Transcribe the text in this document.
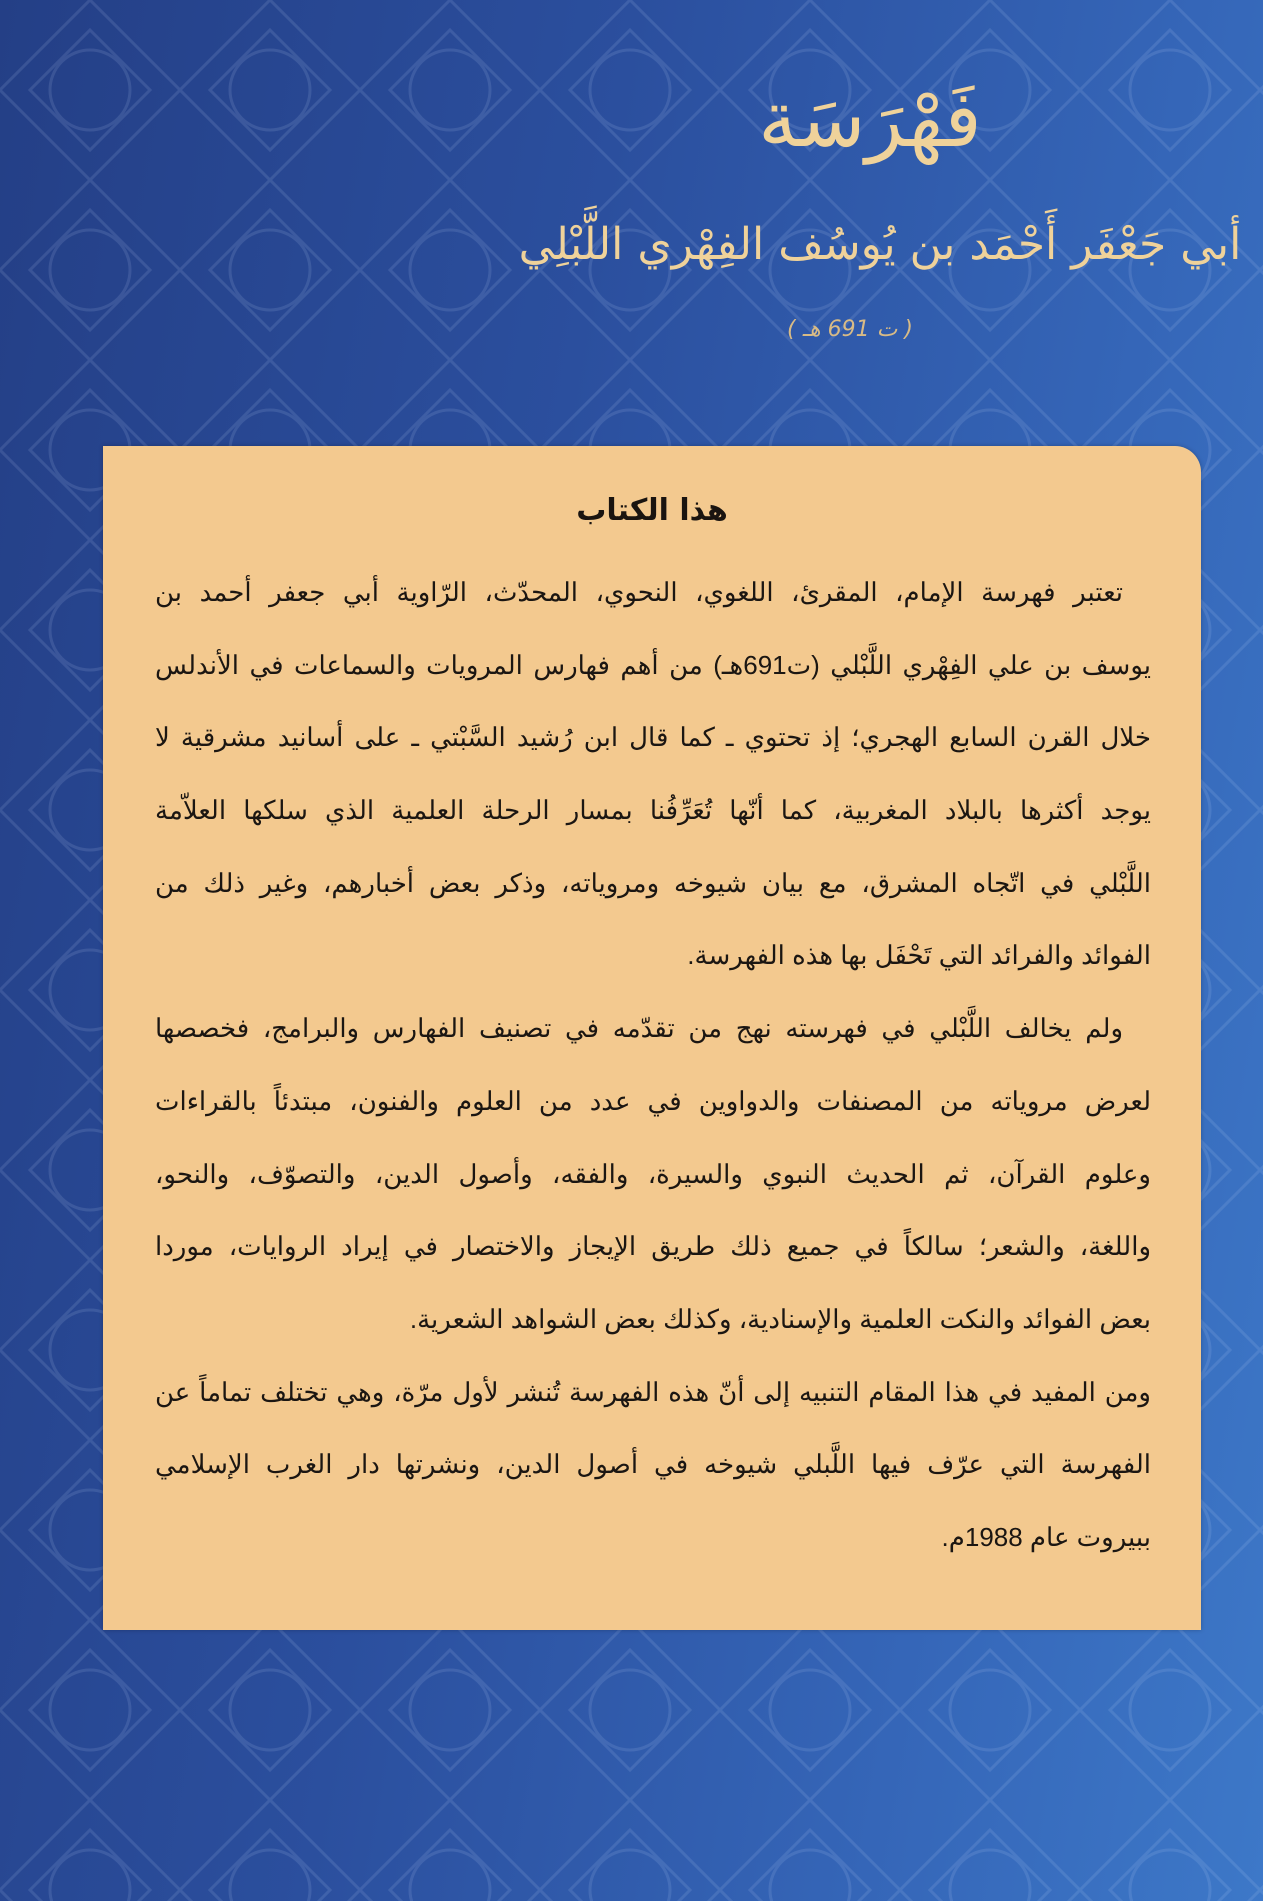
فَهْرَسَة
أبي جَعْفَر أَحْمَد بن يُوسُف الفِهْري اللَّبْلِي
( ت 691 هـ )
هذا الكتاب
تعتبر فهرسة الإمام، المقرئ، اللغوي، النحوي، المحدّث، الرّاوية أبي جعفر أحمد بن
يوسف بن علي الفِهْري اللَّبْلي (ت691هـ) من أهم فهارس المرويات والسماعات في الأندلس
خلال القرن السابع الهجري؛ إذ تحتوي ـ كما قال ابن رُشيد السَّبْتي ـ على أسانيد مشرقية لا
يوجد أكثرها بالبلاد المغربية، كما أنّها تُعَرِّفُنا بمسار الرحلة العلمية الذي سلكها العلاّمة
اللَّبْلي في اتّجاه المشرق، مع بيان شيوخه ومروياته، وذكر بعض أخبارهم، وغير ذلك من
الفوائد والفرائد التي تَحْفَل بها هذه الفهرسة.
ولم يخالف اللَّبْلي في فهرسته نهج من تقدّمه في تصنيف الفهارس والبرامج، فخصصها
لعرض مروياته من المصنفات والدواوين في عدد من العلوم والفنون، مبتدئاً بالقراءات
وعلوم القرآن، ثم الحديث النبوي والسيرة، والفقه، وأصول الدين، والتصوّف، والنحو،
واللغة، والشعر؛ سالكاً في جميع ذلك طريق الإيجاز والاختصار في إيراد الروايات، موردا
بعض الفوائد والنكت العلمية والإسنادية، وكذلك بعض الشواهد الشعرية.
ومن المفيد في هذا المقام التنبيه إلى أنّ هذه الفهرسة تُنشر لأول مرّة، وهي تختلف تماماً عن
الفهرسة التي عرّف فيها اللَّبلي شيوخه في أصول الدين، ونشرتها دار الغرب الإسلامي
ببيروت عام 1988م.
